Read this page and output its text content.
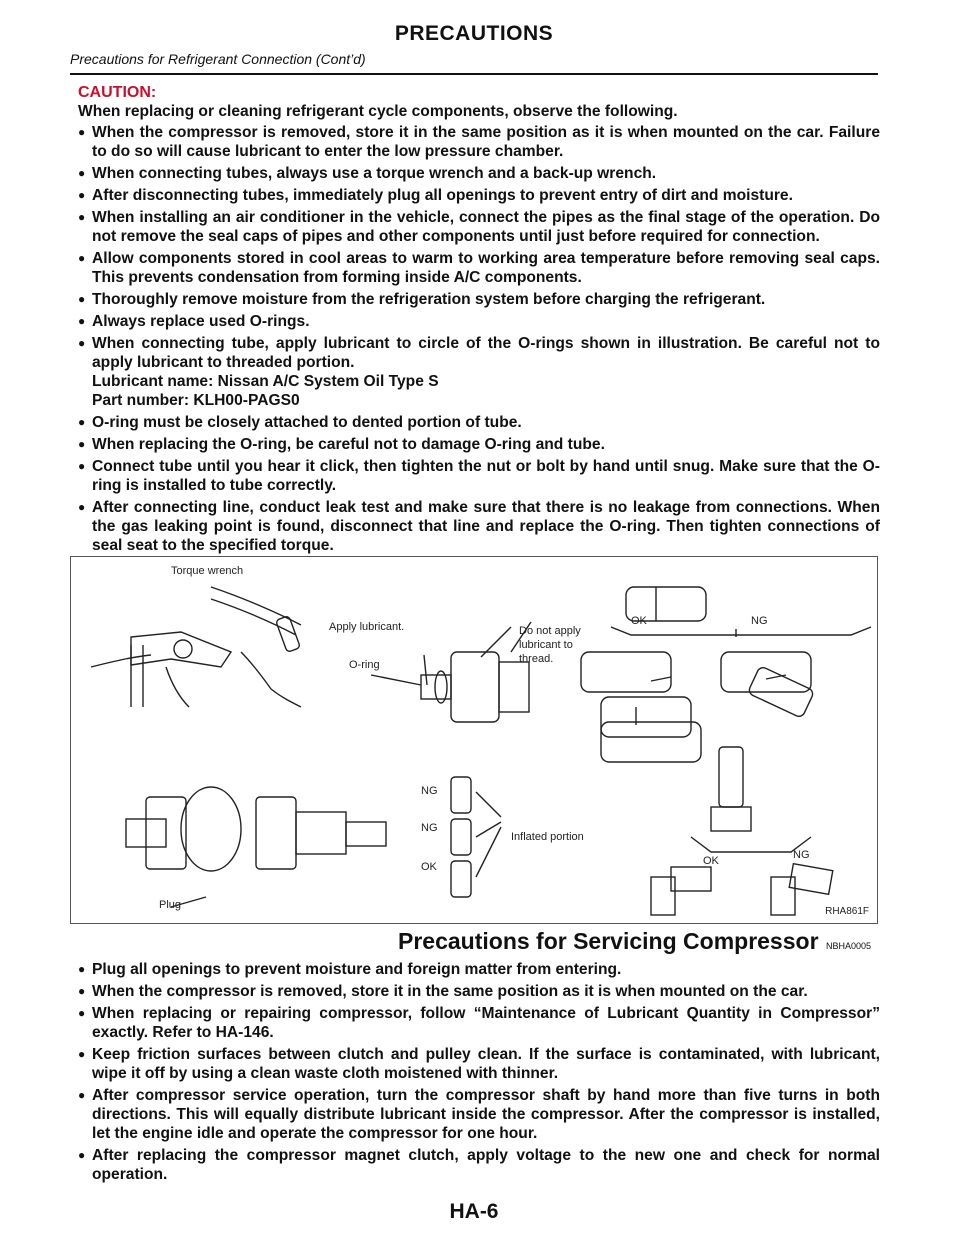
PRECAUTIONS
Precautions for Refrigerant Connection (Cont’d)
CAUTION:
When replacing or cleaning refrigerant cycle components, observe the following.
● When the compressor is removed, store it in the same position as it is when mounted on the car. Failure to do so will cause lubricant to enter the low pressure chamber.
● When connecting tubes, always use a torque wrench and a back-up wrench.
● After disconnecting tubes, immediately plug all openings to prevent entry of dirt and moisture.
● When installing an air conditioner in the vehicle, connect the pipes as the final stage of the operation. Do not remove the seal caps of pipes and other components until just before required for connection.
● Allow components stored in cool areas to warm to working area temperature before removing seal caps. This prevents condensation from forming inside A/C components.
● Thoroughly remove moisture from the refrigeration system before charging the refrigerant.
● Always replace used O-rings.
● When connecting tube, apply lubricant to circle of the O-rings shown in illustration. Be careful not to apply lubricant to threaded portion.
Lubricant name: Nissan A/C System Oil Type S
Part number: KLH00-PAGS0
● O-ring must be closely attached to dented portion of tube.
● When replacing the O-ring, be careful not to damage O-ring and tube.
● Connect tube until you hear it click, then tighten the nut or bolt by hand until snug. Make sure that the O-ring is installed to tube correctly.
● After connecting line, conduct leak test and make sure that there is no leakage from connections. When the gas leaking point is found, disconnect that line and replace the O-ring. Then tighten connections of seal seat to the specified torque.
Torque wrench
Apply lubricant.
O-ring
Do not apply
lubricant to
thread.
OK	NG
NG
NG
OK
Inflated portion
OK	NG
Plug
RHA861F
Precautions for Servicing Compressor NBHA0005
● Plug all openings to prevent moisture and foreign matter from entering.
● When the compressor is removed, store it in the same position as it is when mounted on the car.
● When replacing or repairing compressor, follow “Maintenance of Lubricant Quantity in Compressor” exactly. Refer to HA-146.
● Keep friction surfaces between clutch and pulley clean. If the surface is contaminated, with lubricant, wipe it off by using a clean waste cloth moistened with thinner.
● After compressor service operation, turn the compressor shaft by hand more than five turns in both directions. This will equally distribute lubricant inside the compressor. After the compressor is installed, let the engine idle and operate the compressor for one hour.
● After replacing the compressor magnet clutch, apply voltage to the new one and check for normal operation.
HA-6
